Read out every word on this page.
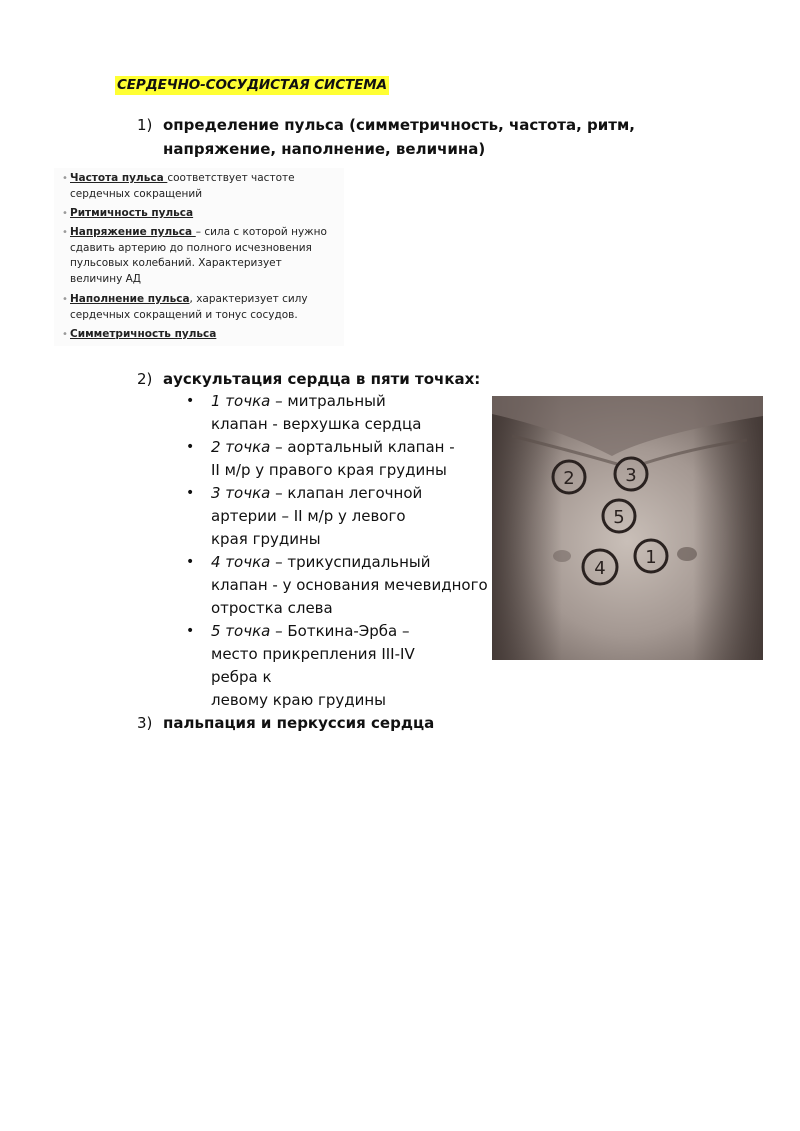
СЕРДЕЧНО-СОСУДИСТАЯ СИСТЕМА
1) определение пульса (симметричность, частота, ритм, напряжение, наполнение, величина)
• Частота пульса соответствует частоте
сердечных сокращений
• Ритмичность пульса
• Напряжение пульса – сила с которой нужно
сдавить артерию до полного исчезновения
пульсовых колебаний. Характеризует
величину АД
• Наполнение пульса, характеризует силу
сердечных сокращений и тонус сосудов.
• Симметричность пульса
2) аускультация сердца в пяти точках:
• 1 точка – митральный
клапан - верхушка сердца
• 2 точка – аортальный клапан -
II м/р у правого края грудины
• 3 точка – клапан легочной
артерии – II м/р у левого
края грудины
• 4 точка – трикуспидальный
клапан - у основания мечевидного
отростка слева
• 5 точка – Боткина-Эрба –
место прикрепления III-IV
ребра к
левому краю грудины
3) пальпация и перкуссия сердца
2	3
5
1
4
